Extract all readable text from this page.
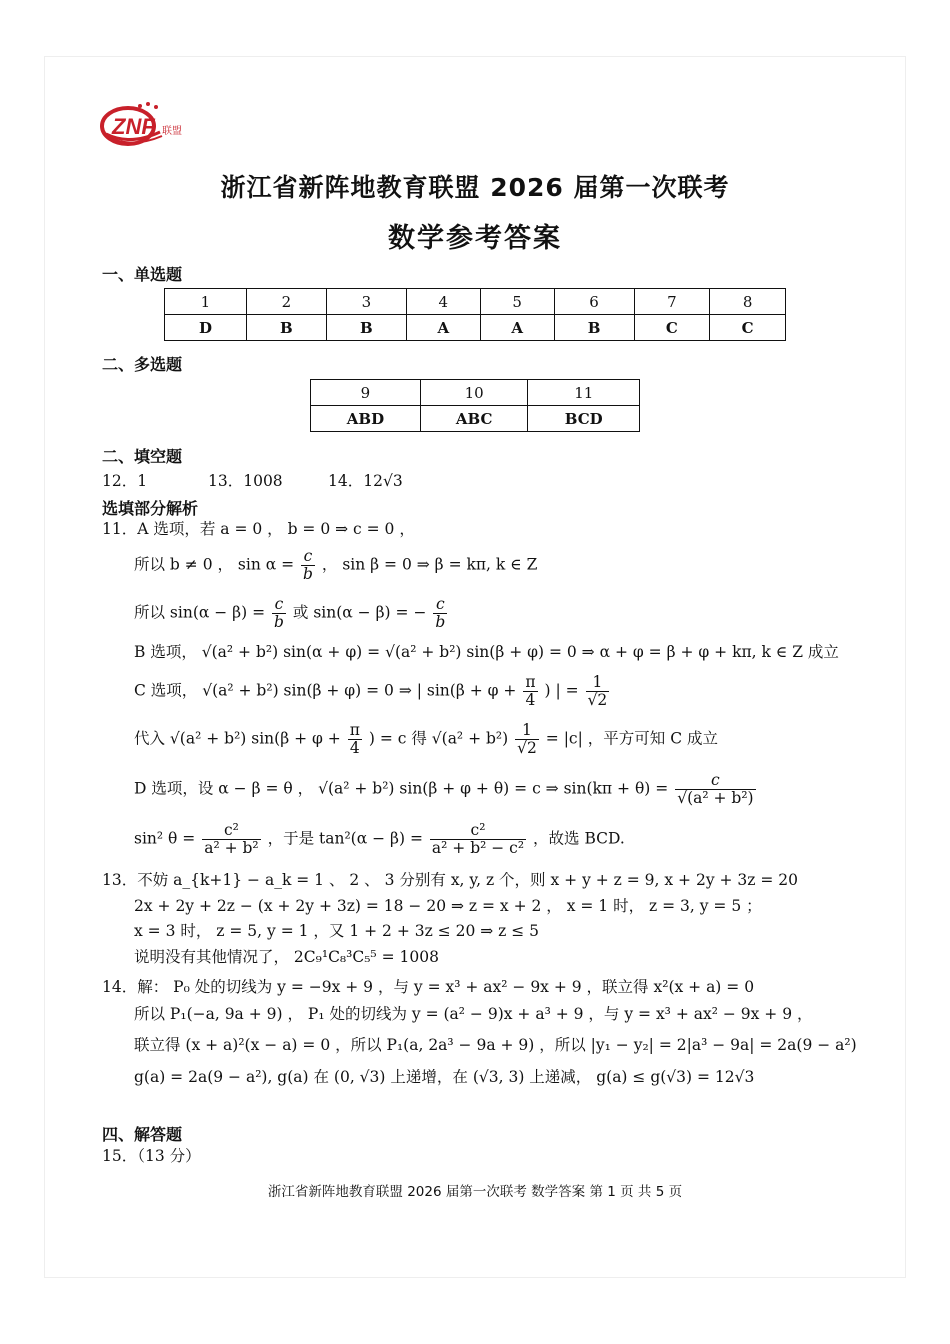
ZNF 联盟
浙江省新阵地教育联盟 2026 届第一次联考
数学参考答案
一、单选题
1	2	3	4	5	6	7	8
D	B	B	A	A	B	C	C
二、多选题
9	10	11
ABD	ABC	BCD
二、填空题
12．1	13．1008	14．12√3
选填部分解析
11．A 选项，若 a = 0 ， b = 0 ⇒ c = 0 ，
所以 b ≠ 0 ， $\sin \alpha = \frac{c}{b}$ ， sin β = 0 ⇒ β = kπ, k ∈ Z
所以 $\sin(\alpha - \beta) = \frac{c}{b}$ 或 sin(α − β) = − $\frac{c}{b}$
B 选项， √(a² + b²) sin(α + φ) = √(a² + b²) sin(β + φ) = 0 ⇒ α + φ = β + φ + kπ, k ∈ Z 成立
C 选项， √(a² + b²) sin(β + φ) = 0 ⇒ | $\sin(\beta + \varphi + \frac{\pi}{4}$ ) | = $\frac{1}{√2}$
代入 √(a² + b²) $\sin(\beta + \varphi + \frac{\pi}{4}$ ) = c 得 $√(a^2 + b^2) \frac{1}{√2} = |c|$ ，平方可知 C 成立
D 选项，设 α − β = θ ， √(a² + b²) sin(β + φ + θ) = c ⇒ $\sin(k\pi + \theta) = \frac{c}{\text{√(a² + b²)}}$
sin² $\theta = \frac{\text{c²}}{\text{a² + b²}}$ ，于是 $\tan^2(\alpha - \beta) = \frac{\text{c²}}{\text{a² + b² − c²}}$ ，故选 BCD.
13．不妨 a_{k+1} − a_k = 1 、 2 、 3 分别有 x, y, z 个，则 x + y + z = 9, x + 2y + 3z = 20
2x + 2y + 2z − (x + 2y + 3z) = 18 − 20 ⇒ z = x + 2 ， x = 1 时， z = 3, y = 5 ；
x = 3 时， z = 5, y = 1 ，又 1 + 2 + 3z ≤ 20 ⇒ z ≤ 5
说明没有其他情况了， 2C₉¹C₈³C₅⁵ = 1008
14．解： P₀ 处的切线为 y = −9x + 9 ，与 y = x³ + ax² − 9x + 9 ，联立得 x²(x + a) = 0
所以 P₁(−a, 9a + 9) ， P₁ 处的切线为 y = (a² − 9)x + a³ + 9 ，与 y = x³ + ax² − 9x + 9 ，
联立得 (x + a)²(x − a) = 0 ，所以 P₁(a, 2a³ − 9a + 9) ，所以 |y₁ − y₂| = 2|a³ − 9a| = 2a(9 − a²)
g(a) = 2a(9 − a²), g(a) 在 (0, √3) 上递增，在 (√3, 3) 上递减， g(a) ≤ g(√3) = 12√3
四、解答题
15．（13 分）
浙江省新阵地教育联盟 2026 届第一次联考 数学答案 第 1 页 共 5 页
